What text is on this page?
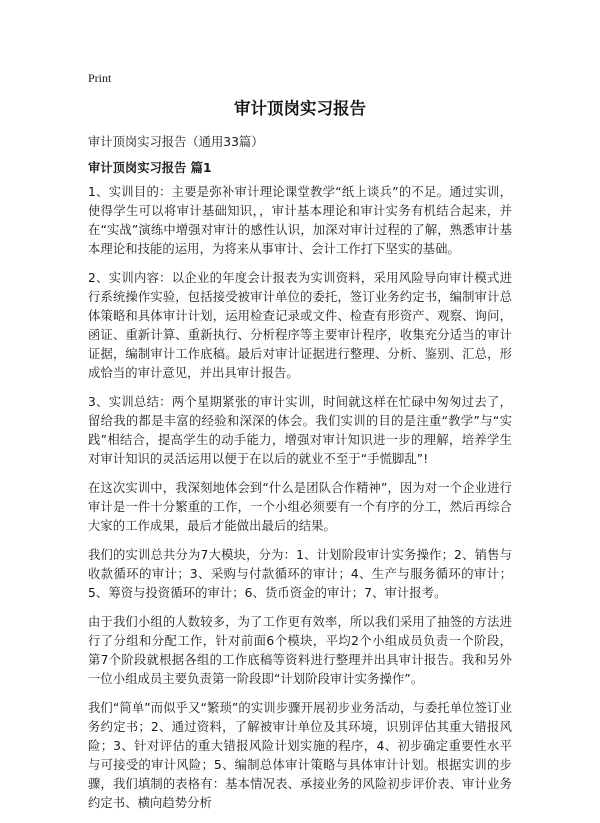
Print
审计顶岗实习报告

审计顶岗实习报告（通用33篇）

审计顶岗实习报告 篇1

1、实训目的：主要是弥补审计理论课堂教学“纸上谈兵”的不足。通过实训，使得学生可以将审计基础知识，，审计基本理论和审计实务有机结合起来，并在“实战”演练中增强对审计的感性认识，加深对审计过程的了解，熟悉审计基本理论和技能的运用，为将来从事审计、会计工作打下坚实的基础。

2、实训内容：以企业的年度会计报表为实训资料，采用风险导向审计模式进行系统操作实验，包括接受被审计单位的委托，签订业务约定书，编制审计总体策略和具体审计计划，运用检查记录或文件、检查有形资产、观察、询问，函证、重新计算、重新执行、分析程序等主要审计程序，收集充分适当的审计证据，编制审计工作底稿。最后对审计证据进行整理、分析、鉴别、汇总，形成恰当的审计意见，并出具审计报告。

3、实训总结：两个星期紧张的审计实训，时间就这样在忙碌中匆匆过去了，留给我的都是丰富的经验和深深的体会。我们实训的目的是注重“教学”与“实践”相结合，提高学生的动手能力，增强对审计知识进一步的理解，培养学生对审计知识的灵活运用以便于在以后的就业不至于“手慌脚乱”!

在这次实训中，我深刻地体会到“什么是团队合作精神”，因为对一个企业进行审计是一件十分繁重的工作，一个小组必须要有一个有序的分工，然后再综合大家的工作成果，最后才能做出最后的结果。

我们的实训总共分为7大模块，分为：1、计划阶段审计实务操作；2、销售与收款循环的审计；3、采购与付款循环的审计；4、生产与服务循环的审计；5、筹资与投资循环的审计；6、货币资金的审计；7、审计报考。

由于我们小组的人数较多，为了工作更有效率，所以我们采用了抽签的方法进行了分组和分配工作，针对前面6个模块，平均2个小组成员负责一个阶段，第7个阶段就根据各组的工作底稿等资料进行整理并出具审计报告。我和另外一位小组成员主要负责第一阶段即“计划阶段审计实务操作”。

我们“简单”而似乎又“繁琐”的实训步骤开展初步业务活动，与委托单位签订业务约定书；2、通过资料，了解被审计单位及其环境，识别评估其重大错报风险；3、针对评估的重大错报风险计划实施的程序，4、初步确定重要性水平与可接受的审计风险；5、编制总体审计策略与具体审计计划。根据实训的步骤，我们填制的表格有：基本情况表、承接业务的风险初步评价表、审计业务约定书、横向趋势分析
